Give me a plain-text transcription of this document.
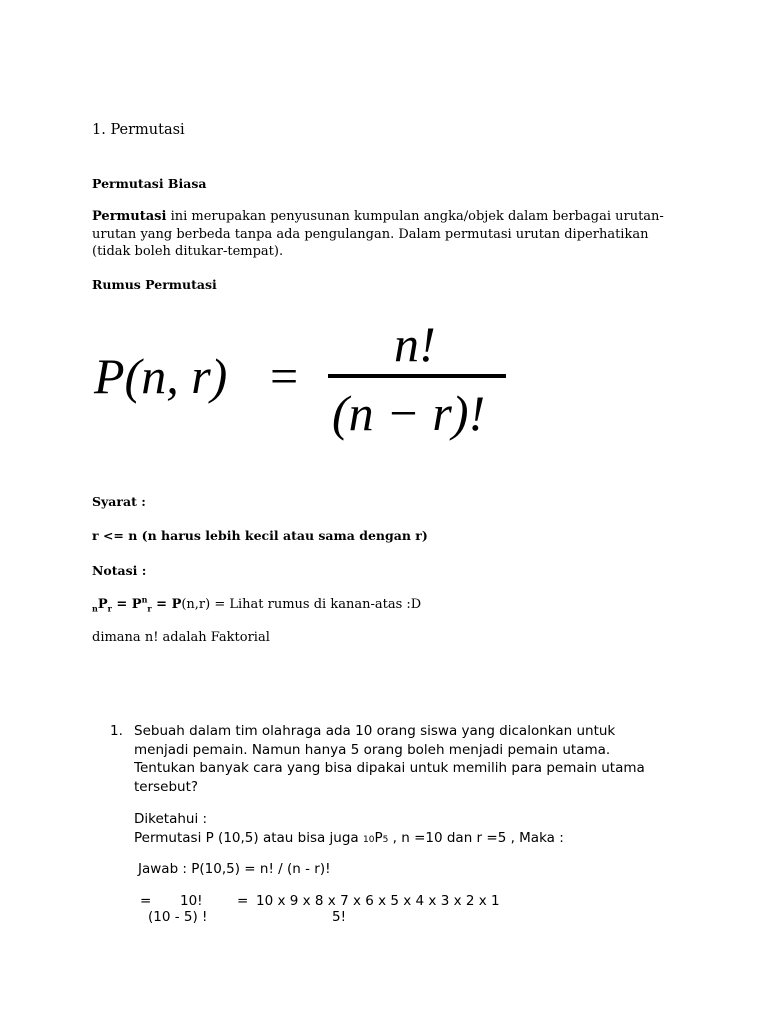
1. Permutasi
Permutasi Biasa
Permutasi ini merupakan penyusunan kumpulan angka/objek dalam berbagai urutan-urutan yang berbeda tanpa ada pengulangan. Dalam permutasi urutan diperhatikan (tidak boleh ditukar-tempat).
Rumus Permutasi
P(n, r) =
n!
(n − r)!
Syarat :
r <= n (n harus lebih kecil atau sama dengan r)
Notasi :
$_nP_r = P^n_r = P(n,r)$ = Lihat rumus di kanan-atas :D
dimana n! adalah Faktorial
1. Sebuah dalam tim olahraga ada 10 orang siswa yang dicalonkan untuk
menjadi pemain. Namun hanya 5 orang boleh menjadi pemain utama.
Tentukan banyak cara yang bisa dipakai untuk memilih para pemain utama
tersebut?
Diketahui :
Permutasi P (10,5) atau bisa juga 10P5 , n =10 dan r =5 , Maka :
Jawab : P(10,5) = n! / (n - r)!
= 10!	= 10 x 9 x 8 x 7 x 6 x 5 x 4 x 3 x 2 x 1
(10 - 5) !	5!
